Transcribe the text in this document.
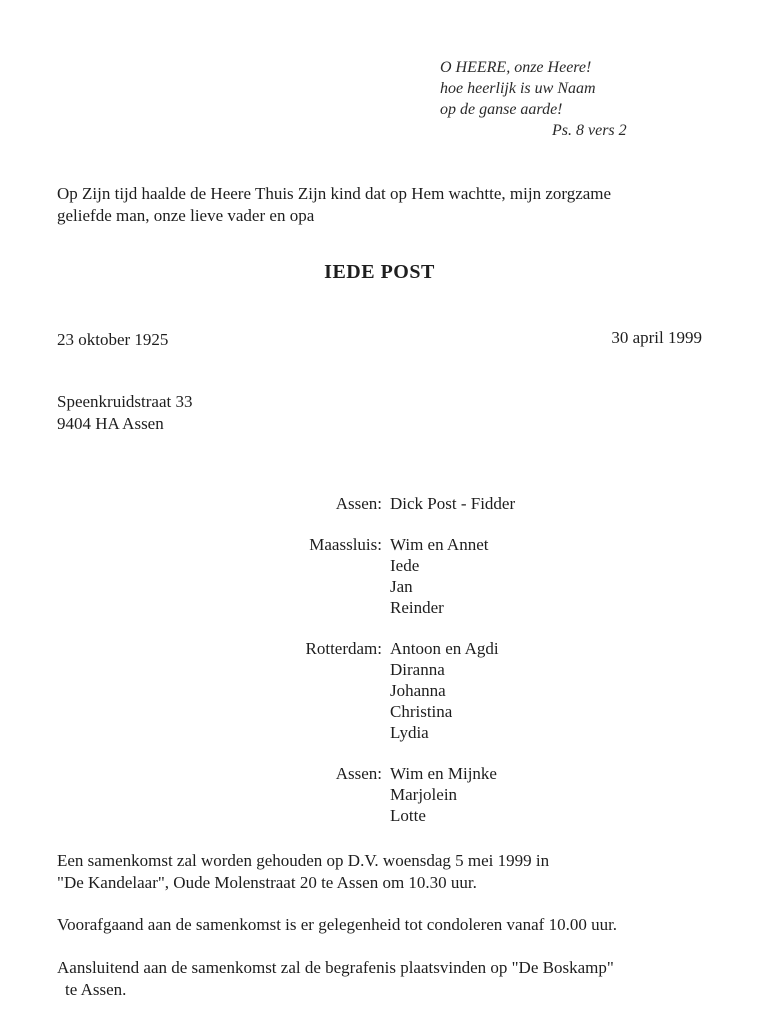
O HEERE, onze Heere!
hoe heerlijk is uw Naam
op de ganse aarde!

Ps. 8 vers 2

Op Zijn tijd haalde de Heere Thuis Zijn kind dat op Hem wachtte, mijn zorgzame
geliefde man, onze lieve vader en opa

IEDE POST
23 oktober 1925	30 april 1999
Speenkruidstraat 33
9404 HA Assen
Assen: Dick Post - Fidder
Maassluis: Wim en Annet
Iede
Jan
Reinder
Rotterdam: Antoon en Agdi
Diranna
Johanna
Christina
Lydia
Assen: Wim en Mijnke
Marjolein
Lotte

Een samenkomst zal worden gehouden op D.V. woensdag 5 mei 1999 in
"De Kandelaar", Oude Molenstraat 20 te Assen om 10.30 uur.

Voorafgaand aan de samenkomst is er gelegenheid tot condoleren vanaf 10.00 uur.

Aansluitend aan de samenkomst zal de begrafenis plaatsvinden op "De Boskamp"
te Assen.
